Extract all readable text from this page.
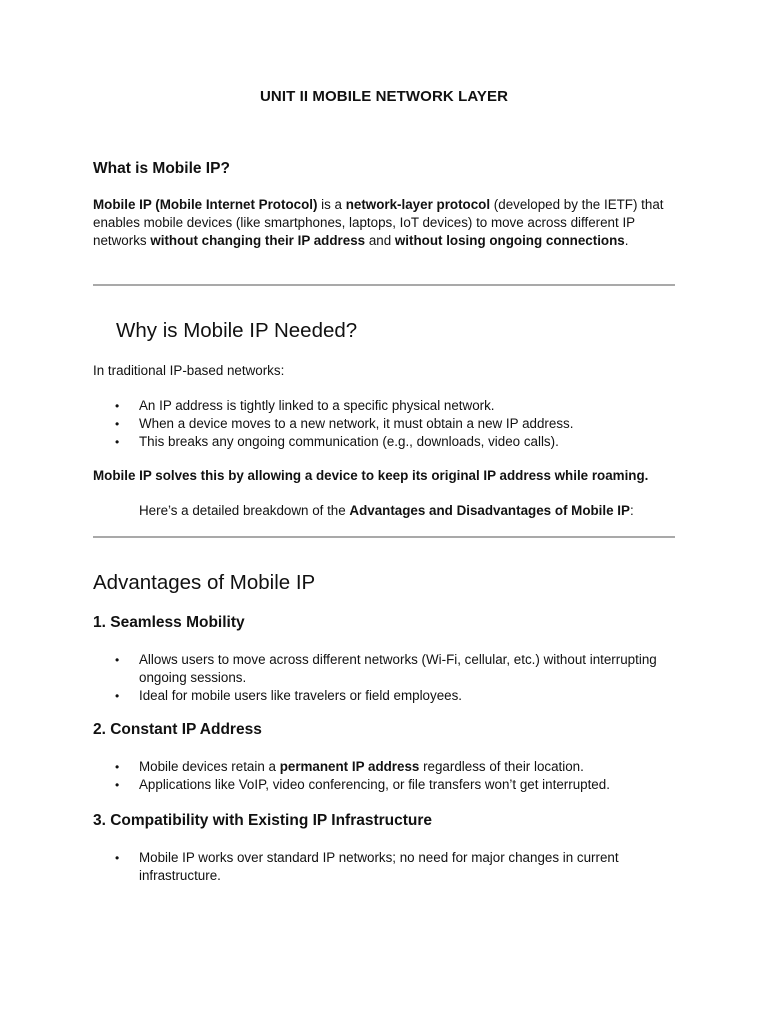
UNIT II MOBILE NETWORK LAYER
What is Mobile IP?

Mobile IP (Mobile Internet Protocol) is a network-layer protocol (developed by the IETF) that enables mobile devices (like smartphones, laptops, IoT devices) to move across different IP networks without changing their IP address and without losing ongoing connections.

Why is Mobile IP Needed?

In traditional IP-based networks:

• An IP address is tightly linked to a specific physical network.
• When a device moves to a new network, it must obtain a new IP address.
• This breaks any ongoing communication (e.g., downloads, video calls).

Mobile IP solves this by allowing a device to keep its original IP address while roaming.

Here’s a detailed breakdown of the Advantages and Disadvantages of Mobile IP:

Advantages of Mobile IP
1. Seamless Mobility
• Allows users to move across different networks (Wi-Fi, cellular, etc.) without interrupting ongoing sessions.
• Ideal for mobile users like travelers or field employees.
2. Constant IP Address
• Mobile devices retain a permanent IP address regardless of their location.
• Applications like VoIP, video conferencing, or file transfers won’t get interrupted.
3. Compatibility with Existing IP Infrastructure
• Mobile IP works over standard IP networks; no need for major changes in current infrastructure.
